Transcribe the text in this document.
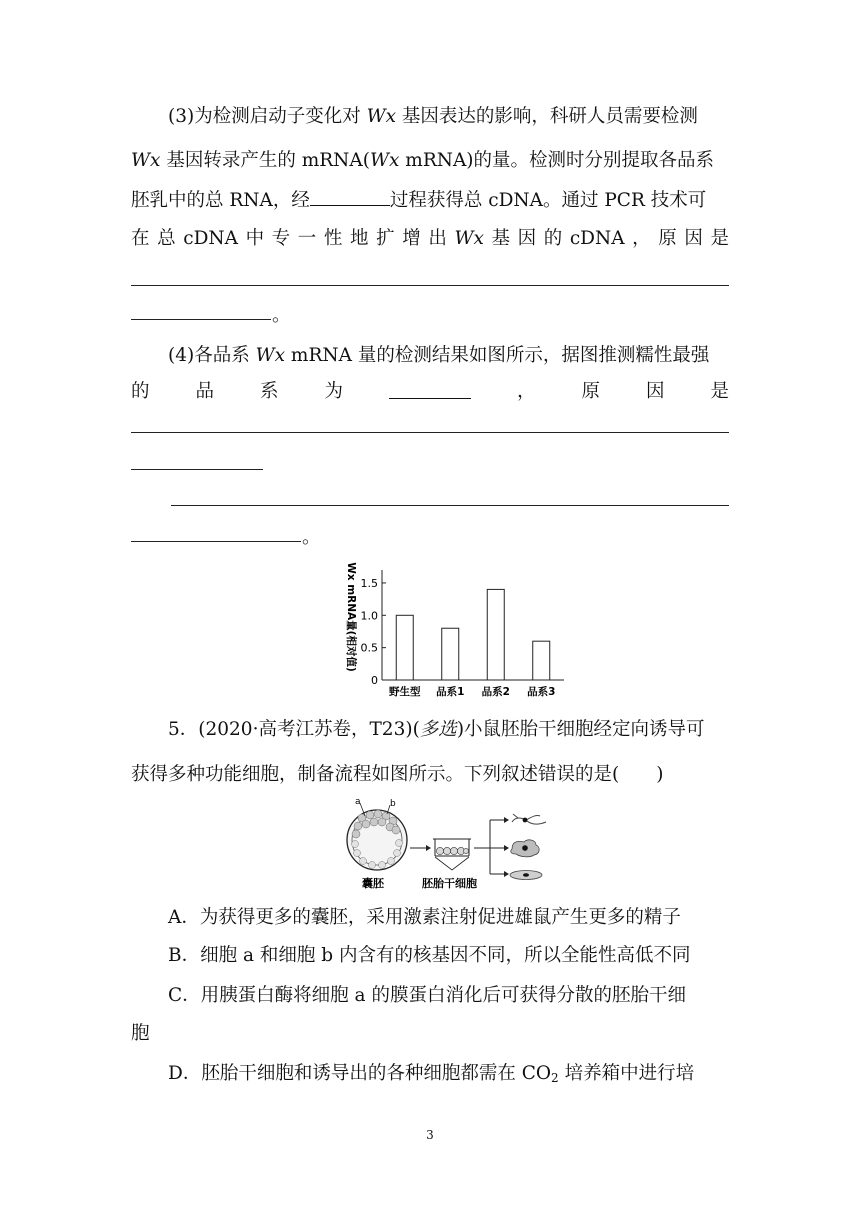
(3)为检测启动子变化对 Wx 基因表达的影响，科研人员需要检测
Wx 基因转录产生的 mRNA(Wx mRNA)的量。检测时分别提取各品系
胚乳中的总 RNA，经	过程获得总 cDNA。通过 PCR 技术可
在 总 cDNA 中 专 一 性 地 扩 增 出 Wx 基 因 的 cDNA ， 原 因 是
。
(4)各品系 Wx mRNA 量的检测结果如图所示，据图推测糯性最强
的 品 系 为	， 原 因 是
。
0
0.5
1.0
1.5
野生型 品系1 品系2 品系3
Wx mRNA量(相对值)
5．(2020·高考江苏卷，T23)(多选)小鼠胚胎干细胞经定向诱导可
获得多种功能细胞，制备流程如图所示。下列叙述错误的是(　　)
a	b
囊胚	胚胎干细胞
A．为获得更多的囊胚，采用激素注射促进雄鼠产生更多的精子
B．细胞 a 和细胞 b 内含有的核基因不同，所以全能性高低不同
C．用胰蛋白酶将细胞 a 的膜蛋白消化后可获得分散的胚胎干细
胞
D．胚胎干细胞和诱导出的各种细胞都需在 $CO_2$ 培养箱中进行培
3
